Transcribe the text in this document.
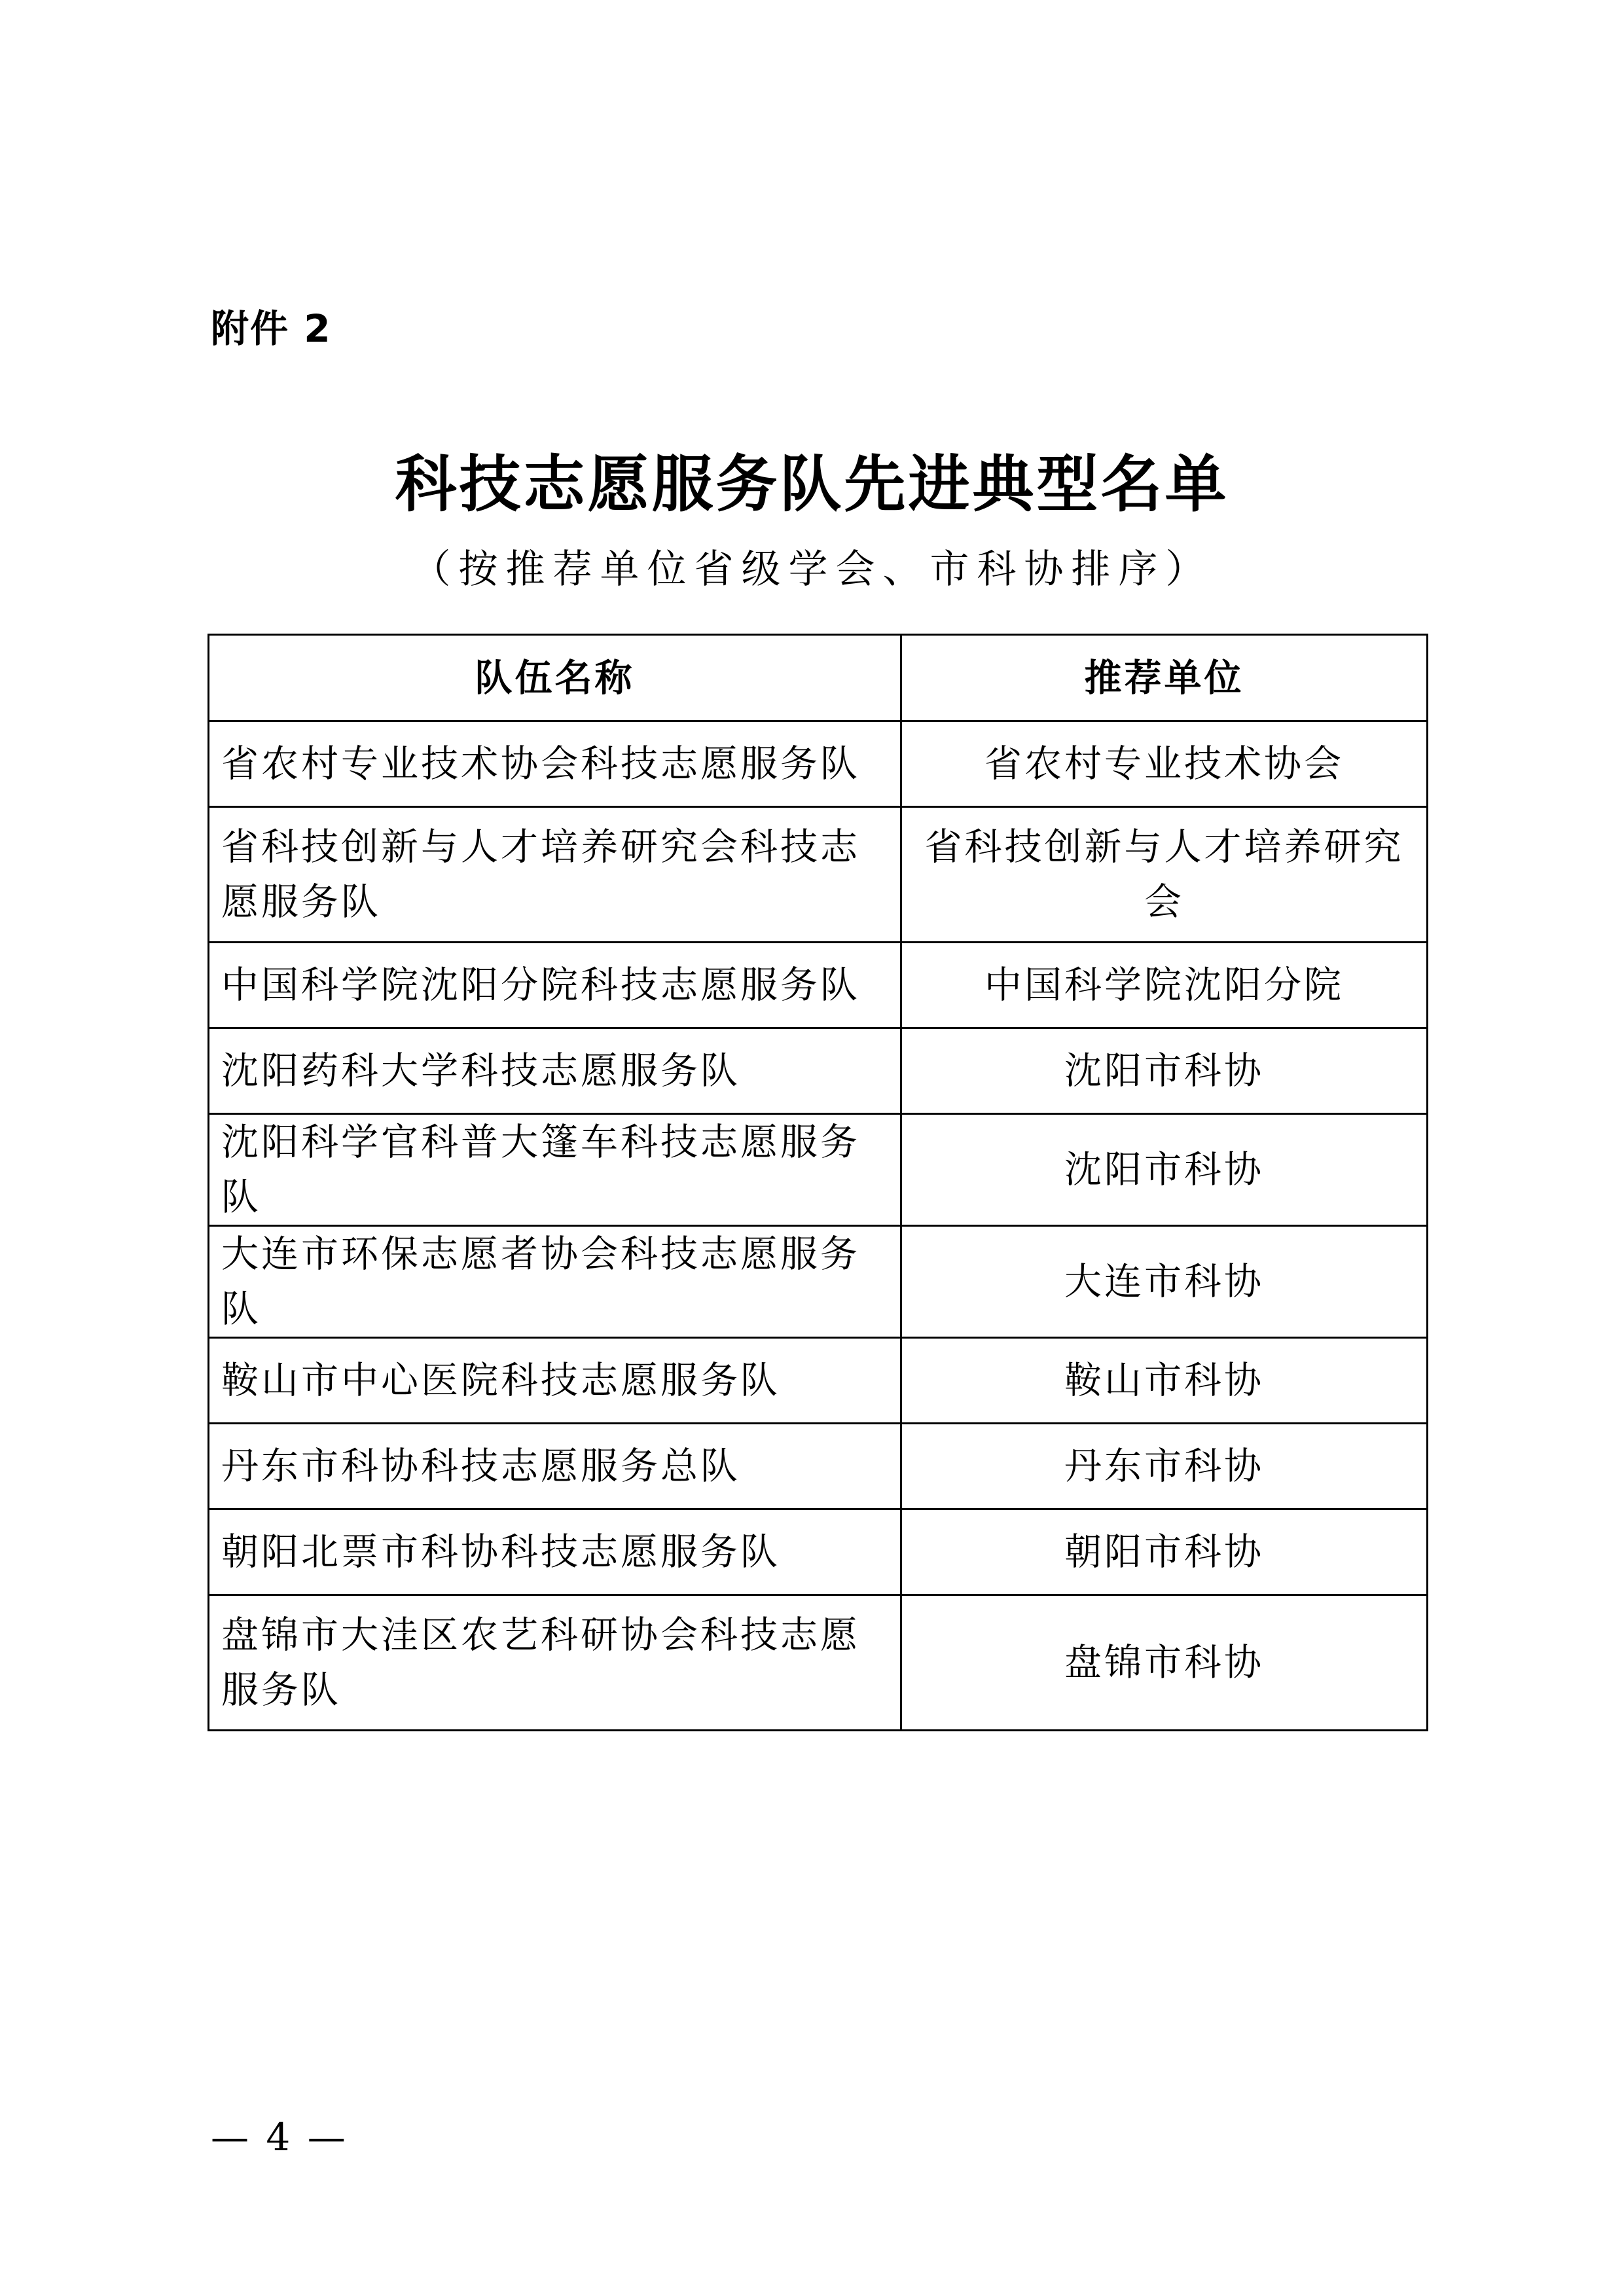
附件 2
科技志愿服务队先进典型名单
（按推荐单位省级学会、市科协排序）
队伍名称	推荐单位
省农村专业技术协会科技志愿服务队	省农村专业技术协会
省科技创新与人才培养研究会科技志愿服务队	省科技创新与人才培养研究会
中国科学院沈阳分院科技志愿服务队	中国科学院沈阳分院
沈阳药科大学科技志愿服务队	沈阳市科协
沈阳科学官科普大篷车科技志愿服务队	沈阳市科协
大连市环保志愿者协会科技志愿服务队	大连市科协
鞍山市中心医院科技志愿服务队	鞍山市科协
丹东市科协科技志愿服务总队	丹东市科协
朝阳北票市科协科技志愿服务队	朝阳市科协
盘锦市大洼区农艺科研协会科技志愿服务队	盘锦市科协
— 4 —
